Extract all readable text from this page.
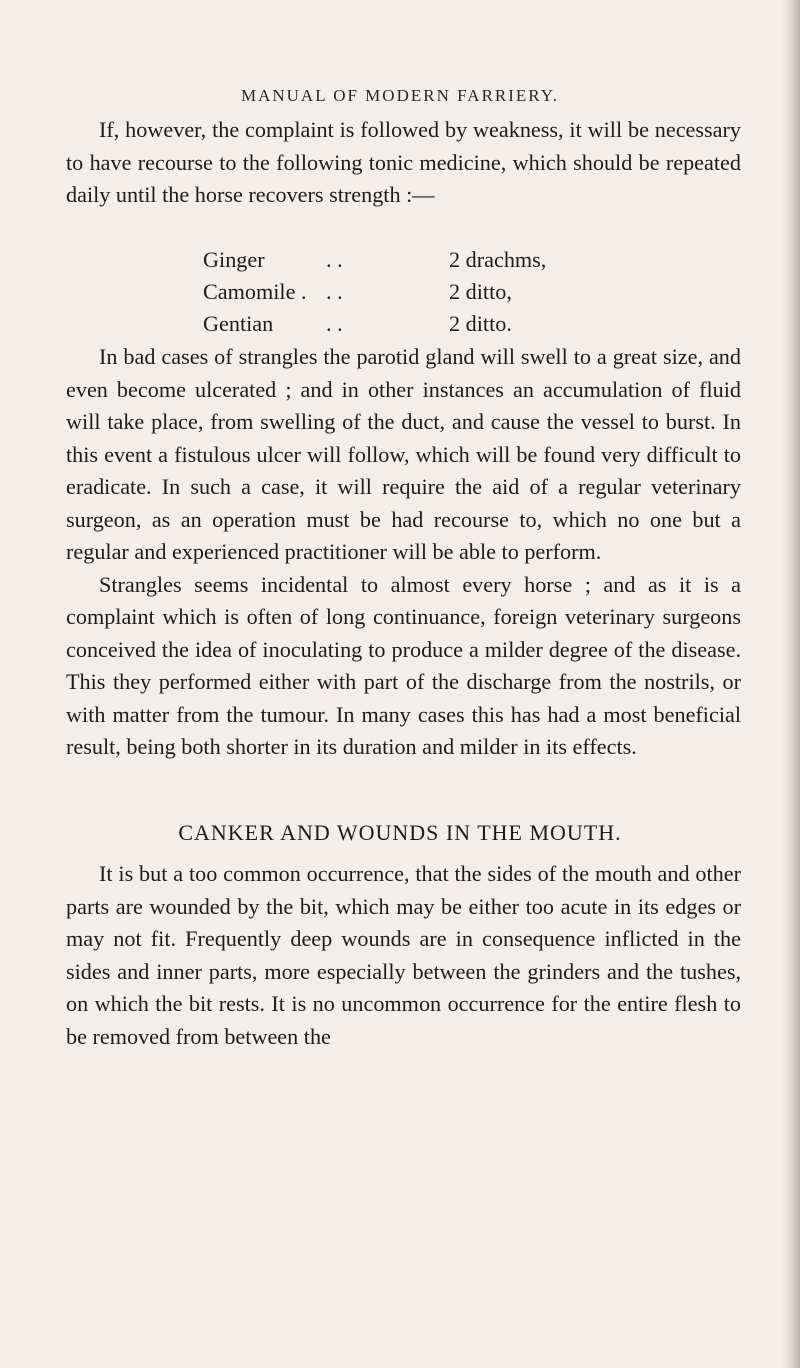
MANUAL OF MODERN FARRIERY.

If, however, the complaint is followed by weakness, it will be necessary to have recourse to the following tonic medicine, which should be repeated daily until the horse recovers strength :—

Ginger	. .	2 drachms,
Camomile . . .	2 ditto,
Gentian . .	2 ditto.

In bad cases of strangles the parotid gland will swell to a great size, and even become ulcerated ; and in other instances an accumulation of fluid will take place, from swelling of the duct, and cause the vessel to burst. In this event a fistulous ulcer will follow, which will be found very difficult to eradicate. In such a case, it will require the aid of a regular veterinary surgeon, as an operation must be had recourse to, which no one but a regular and experienced practitioner will be able to perform.

Strangles seems incidental to almost every horse ; and as it is a complaint which is often of long continuance, foreign veterinary surgeons conceived the idea of inoculating to produce a milder degree of the disease. This they performed either with part of the discharge from the nostrils, or with matter from the tumour. In many cases this has had a most beneficial result, being both shorter in its duration and milder in its effects.

CANKER AND WOUNDS IN THE MOUTH.

It is but a too common occurrence, that the sides of the mouth and other parts are wounded by the bit, which may be either too acute in its edges or may not fit. Frequently deep wounds are in consequence inflicted in the sides and inner parts, more especially between the grinders and the tushes, on which the bit rests. It is no uncommon occurrence for the entire flesh to be removed from between the
